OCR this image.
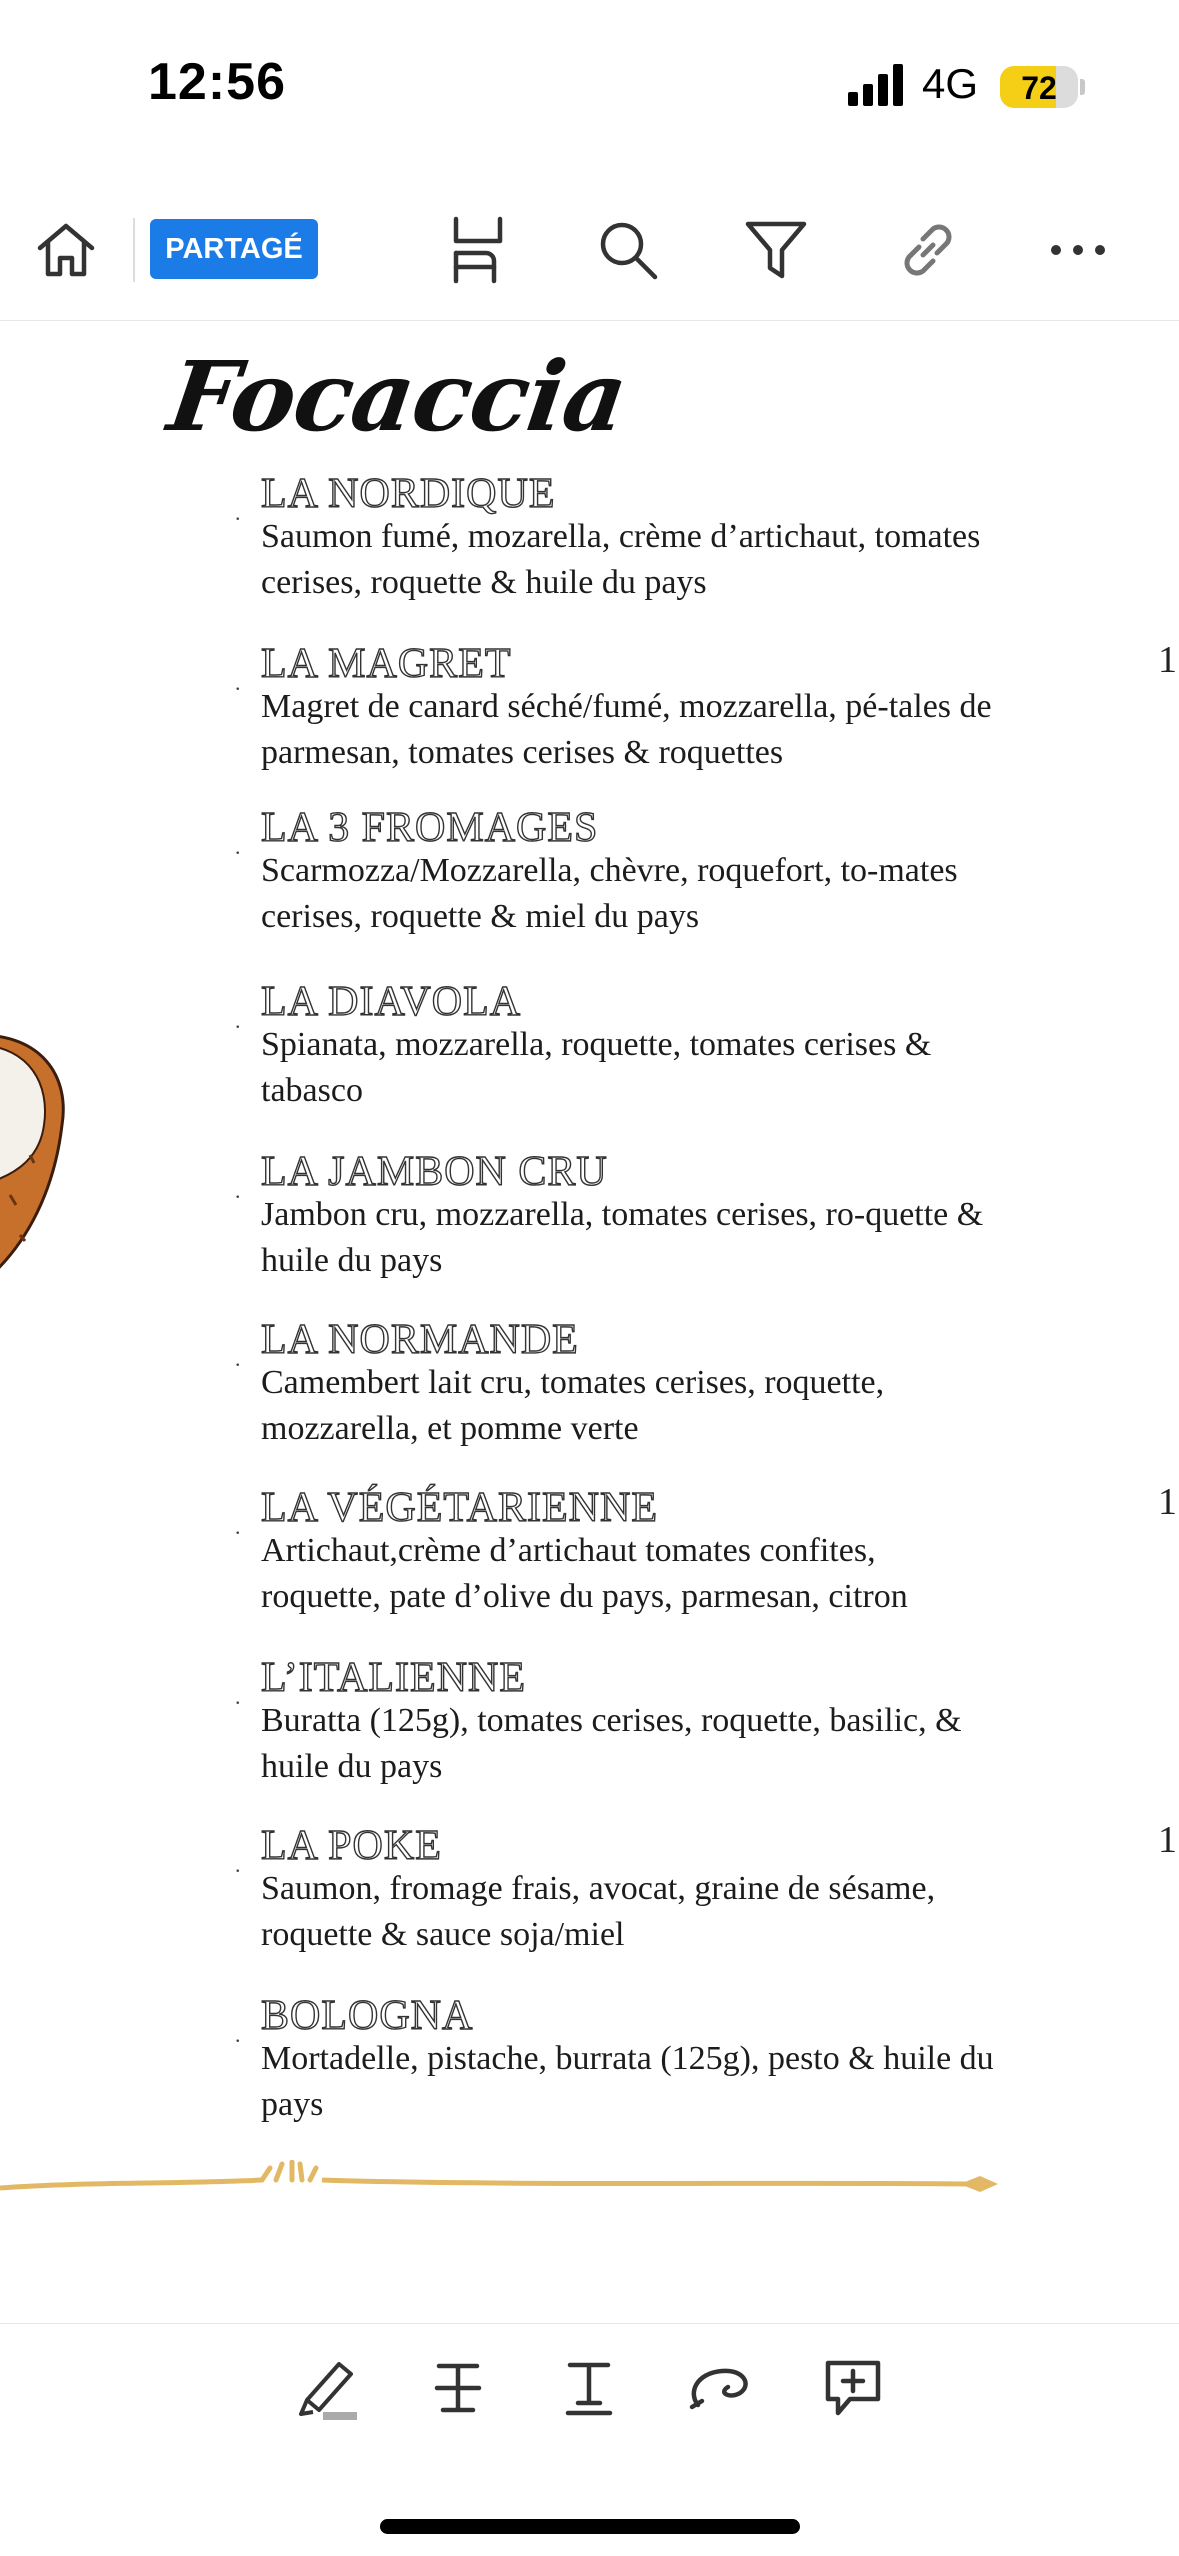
12:56	4G	72
PARTAGÉ
Focaccia
. LA NORDIQUE
Saumon fumé, mozarella, crème d’artichaut, tomates cerises, roquette & huile du pays
. LA MAGRET
Magret de canard séché/fumé, mozzarella, pé-tales de parmesan, tomates cerises & roquettes
. LA 3 FROMAGES
Scarmozza/Mozzarella, chèvre, roquefort, to-mates cerises, roquette & miel du pays
. LA DIAVOLA
Spianata, mozzarella, roquette, tomates cerises & tabasco
. LA JAMBON CRU
Jambon cru, mozzarella, tomates cerises, ro-quette & huile du pays
. LA NORMANDE
Camembert lait cru, tomates cerises, roquette, mozzarella, et pomme verte
. LA VÉGÉTARIENNE
Artichaut,crème d’artichaut tomates confites, roquette, pate d’olive du pays, parmesan, citron
. L’ITALIENNE
Buratta (125g), tomates cerises, roquette, basilic, & huile du pays
. LA POKE
Saumon, fromage frais, avocat, graine de sésame, roquette & sauce soja/miel
. BOLOGNA
Mortadelle, pistache, burrata (125g), pesto & huile du pays
1
1
1
